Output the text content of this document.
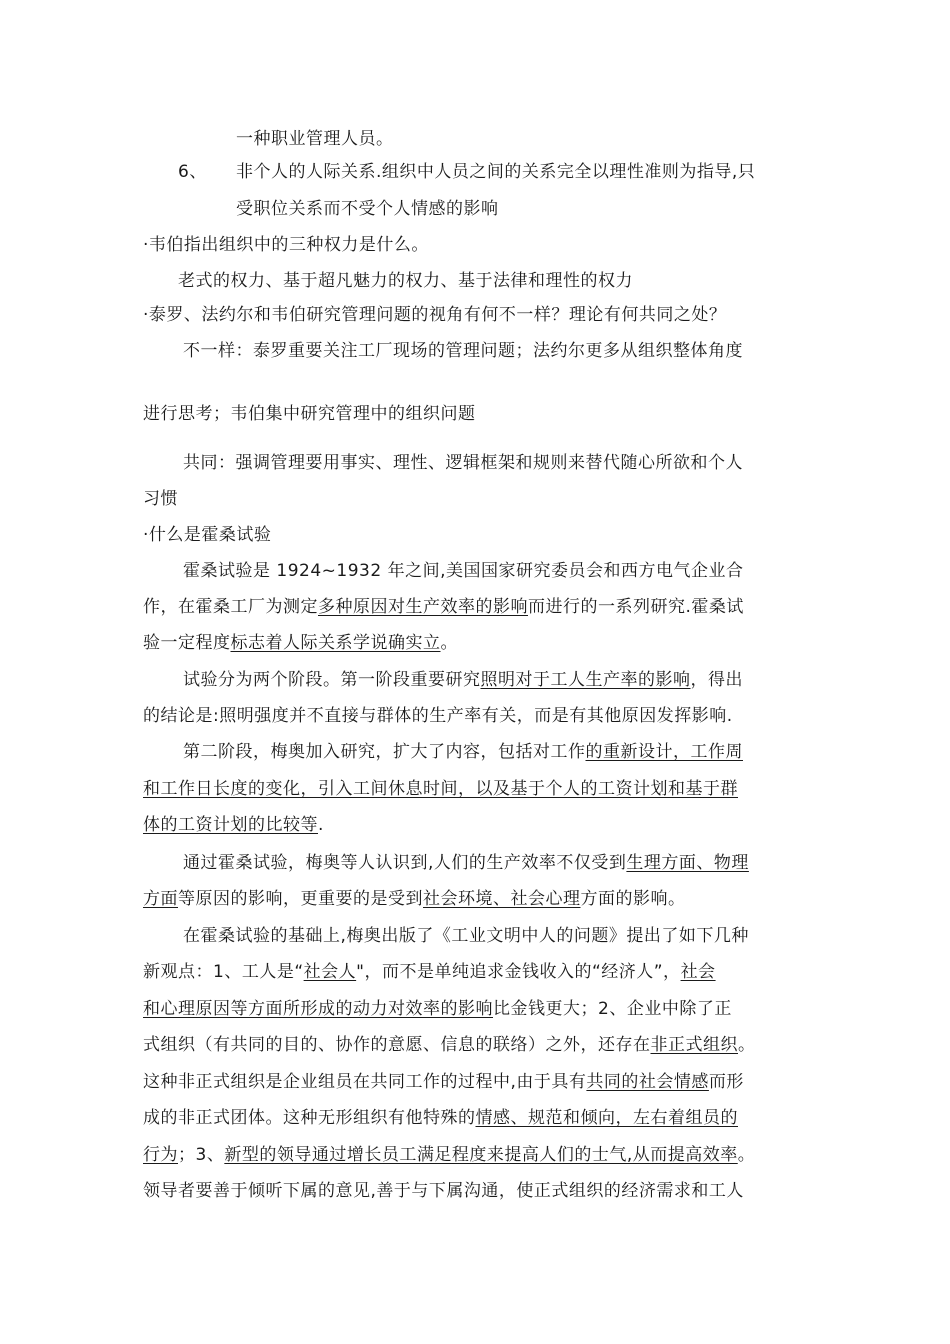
一种职业管理人员。
6、 非个人的人际关系.组织中人员之间的关系完全以理性准则为指导,只
受职位关系而不受个人情感的影响
·韦伯指出组织中的三种权力是什么。
老式的权力、基于超凡魅力的权力、基于法律和理性的权力
·泰罗、法约尔和韦伯研究管理问题的视角有何不一样？理论有何共同之处？
不一样：泰罗重要关注工厂现场的管理问题；法约尔更多从组织整体角度
进行思考；韦伯集中研究管理中的组织问题
共同：强调管理要用事实、理性、逻辑框架和规则来替代随心所欲和个人
习惯
·什么是霍桑试验
霍桑试验是 1924~1932 年之间,美国国家研究委员会和西方电气企业合
作，在霍桑工厂为测定多种原因对生产效率的影响而进行的一系列研究.霍桑试
验一定程度标志着人际关系学说确实立。
试验分为两个阶段。第一阶段重要研究照明对于工人生产率的影响，得出
的结论是:照明强度并不直接与群体的生产率有关，而是有其他原因发挥影响.
第二阶段，梅奥加入研究，扩大了内容，包括对工作的重新设计，工作周
和工作日长度的变化，引入工间休息时间，以及基于个人的工资计划和基于群
体的工资计划的比较等.
通过霍桑试验，梅奥等人认识到,人们的生产效率不仅受到生理方面、物理
方面等原因的影响，更重要的是受到社会环境、社会心理方面的影响。
在霍桑试验的基础上,梅奥出版了《工业文明中人的问题》提出了如下几种
新观点：1、工人是“社会人"，而不是单纯追求金钱收入的“经济人”，社会
和心理原因等方面所形成的动力对效率的影响比金钱更大；2、企业中除了正
式组织（有共同的目的、协作的意愿、信息的联络）之外，还存在非正式组织。
这种非正式组织是企业组员在共同工作的过程中,由于具有共同的社会情感而形
成的非正式团体。这种无形组织有他特殊的情感、规范和倾向，左右着组员的
行为；3、新型的领导通过增长员工满足程度来提高人们的士气,从而提高效率。
领导者要善于倾听下属的意见,善于与下属沟通，使正式组织的经济需求和工人
